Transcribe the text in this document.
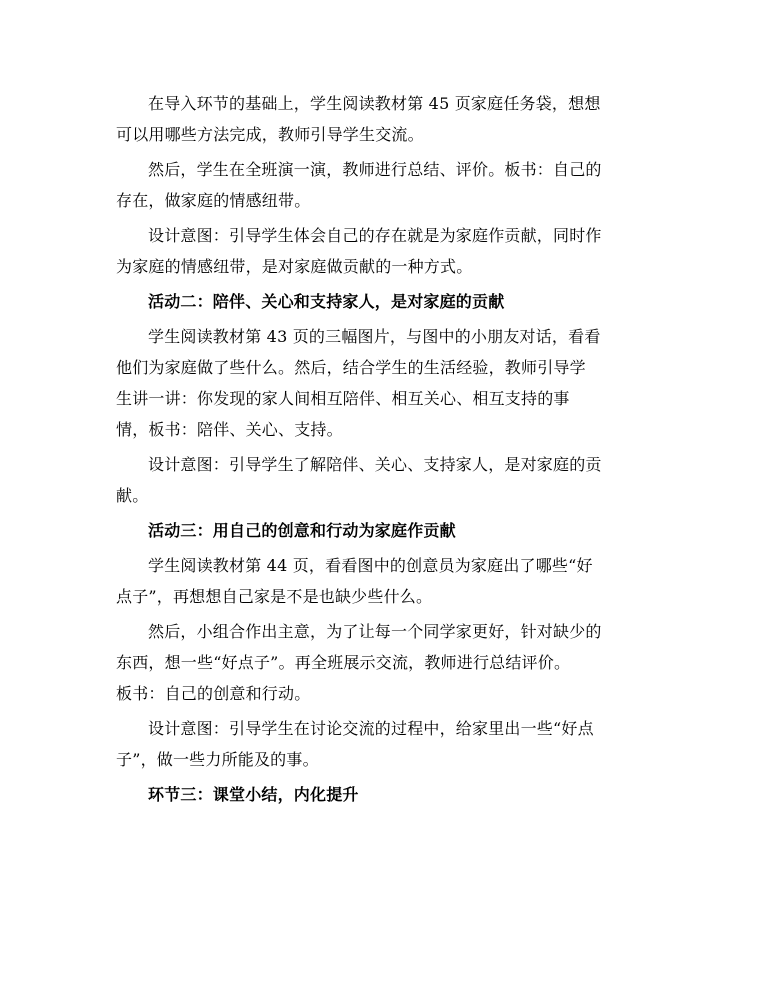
在导入环节的基础上，学生阅读教材第 45 页家庭任务袋，想想
可以用哪些方法完成，教师引导学生交流。

然后，学生在全班演一演，教师进行总结、评价。板书：自己的
存在，做家庭的情感纽带。

设计意图：引导学生体会自己的存在就是为家庭作贡献，同时作
为家庭的情感纽带，是对家庭做贡献的一种方式。

活动二：陪伴、关心和支持家人，是对家庭的贡献

学生阅读教材第 43 页的三幅图片，与图中的小朋友对话，看看
他们为家庭做了些什么。然后，结合学生的生活经验，教师引导学
生讲一讲：你发现的家人间相互陪伴、相互关心、相互支持的事
情，板书：陪伴、关心、支持。

设计意图：引导学生了解陪伴、关心、支持家人，是对家庭的贡
献。

活动三：用自己的创意和行动为家庭作贡献

学生阅读教材第 44 页，看看图中的创意员为家庭出了哪些“好
点子”，再想想自己家是不是也缺少些什么。

然后，小组合作出主意，为了让每一个同学家更好，针对缺少的
东西，想一些“好点子”。再全班展示交流，教师进行总结评价。
板书：自己的创意和行动。

设计意图：引导学生在讨论交流的过程中，给家里出一些“好点
子”，做一些力所能及的事。

环节三：课堂小结，内化提升
